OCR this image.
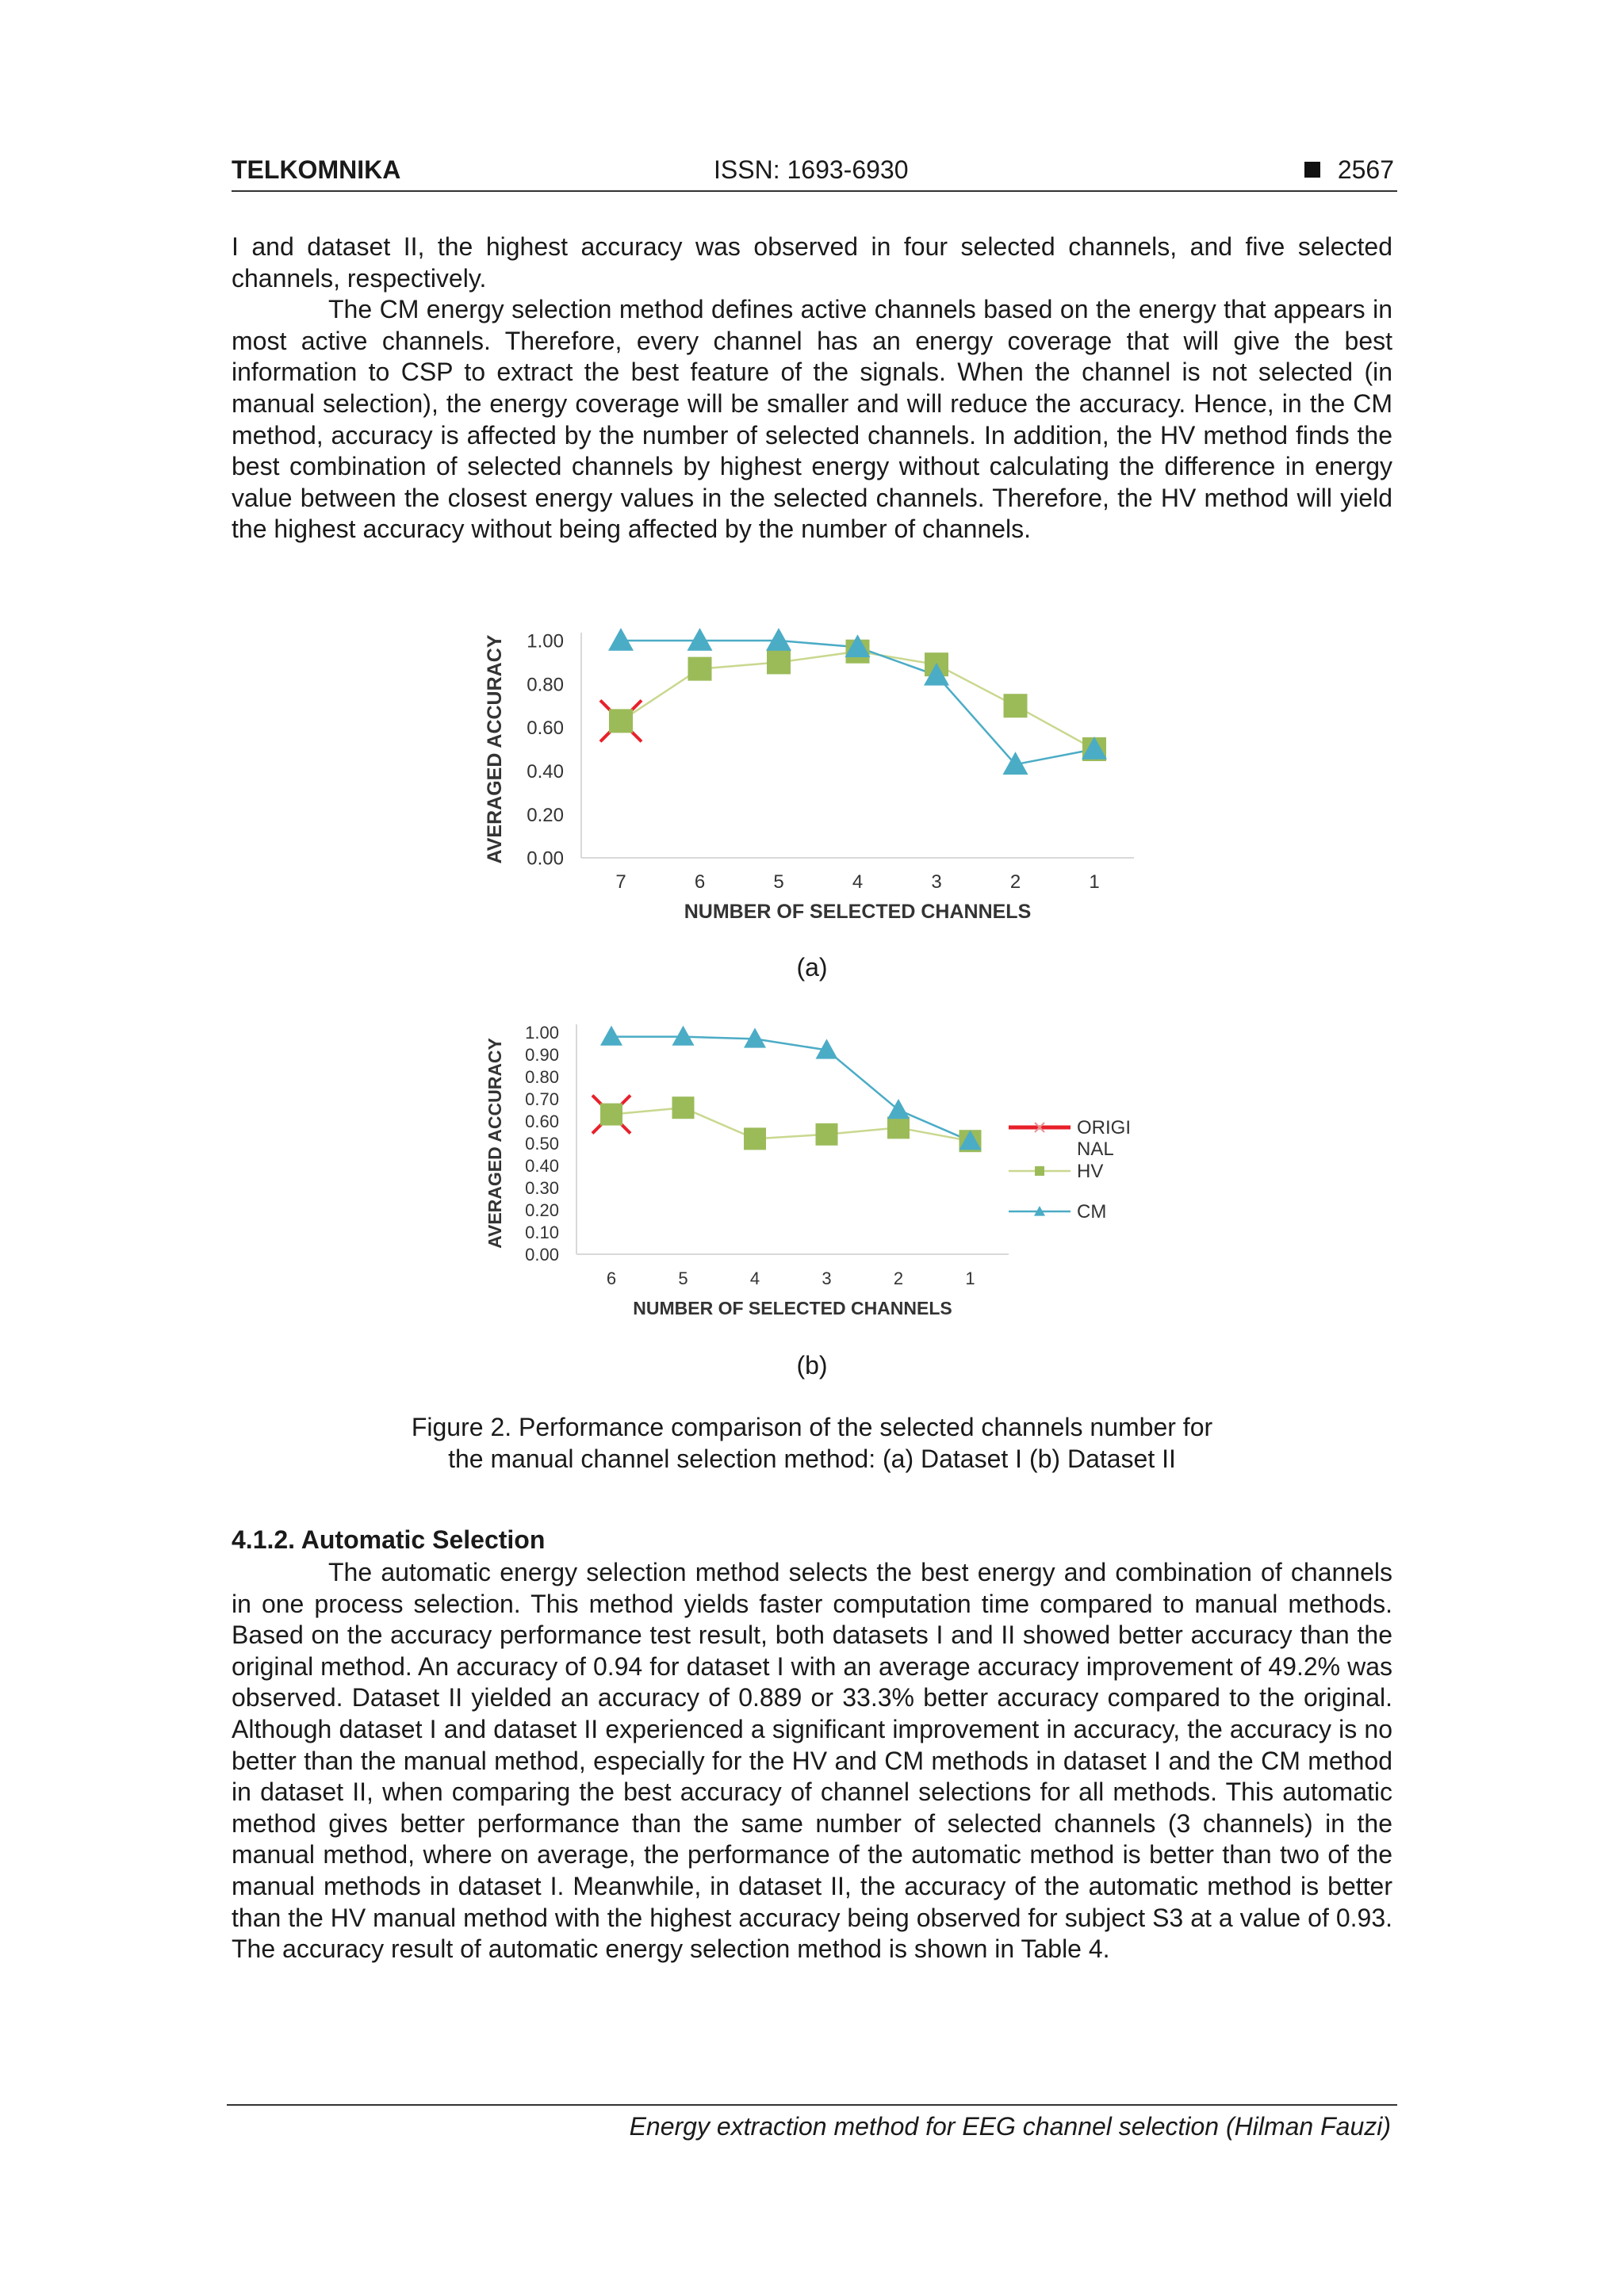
TELKOMNIKA	ISSN: 1693-6930	2567

I and dataset II, the highest accuracy was observed in four selected channels, and five selected channels, respectively.

The CM energy selection method defines active channels based on the energy that appears in most active channels. Therefore, every channel has an energy coverage that will give the best information to CSP to extract the best feature of the signals. When the channel is not selected (in manual selection), the energy coverage will be smaller and will reduce the accuracy. Hence, in the CM method, accuracy is affected by the number of selected channels. In addition, the HV method finds the best combination of selected channels by highest energy without calculating the difference in energy value between the closest energy values in the selected channels. Therefore, the HV method will yield the highest accuracy without being affected by the number of channels.

0.00
0.20
0.40
0.60
0.80
1.00
7	6	5	4	3	2	1
NUMBER OF SELECTED CHANNELS
AVERAGED ACCURACY
(a)
0.00
0.10
0.20
0.30
0.40
0.50
0.60
0.70
0.80
0.90
1.00
6	5	4	3	2	1
NUMBER OF SELECTED CHANNELS
AVERAGED ACCURACY	ORIGI
NAL
HV
CM
(b)
Figure 2. Performance comparison of the selected channels number for
the manual channel selection method: (a) Dataset I (b) Dataset II
4.1.2. Automatic Selection

The automatic energy selection method selects the best energy and combination of channels in one process selection. This method yields faster computation time compared to manual methods. Based on the accuracy performance test result, both datasets I and II showed better accuracy than the original method. An accuracy of 0.94 for dataset I with an average accuracy improvement of 49.2% was observed. Dataset II yielded an accuracy of 0.889 or 33.3% better accuracy compared to the original. Although dataset I and dataset II experienced a significant improvement in accuracy, the accuracy is no better than the manual method, especially for the HV and CM methods in dataset I and the CM method in dataset II, when comparing the best accuracy of channel selections for all methods. This automatic method gives better performance than the same number of selected channels (3 channels) in the manual method, where on average, the performance of the automatic method is better than two of the manual methods in dataset I. Meanwhile, in dataset II, the accuracy of the automatic method is better than the HV manual method with the highest accuracy being observed for subject S3 at a value of 0.93. The accuracy result of automatic energy selection method is shown in Table 4.

Energy extraction method for EEG channel selection (Hilman Fauzi)
